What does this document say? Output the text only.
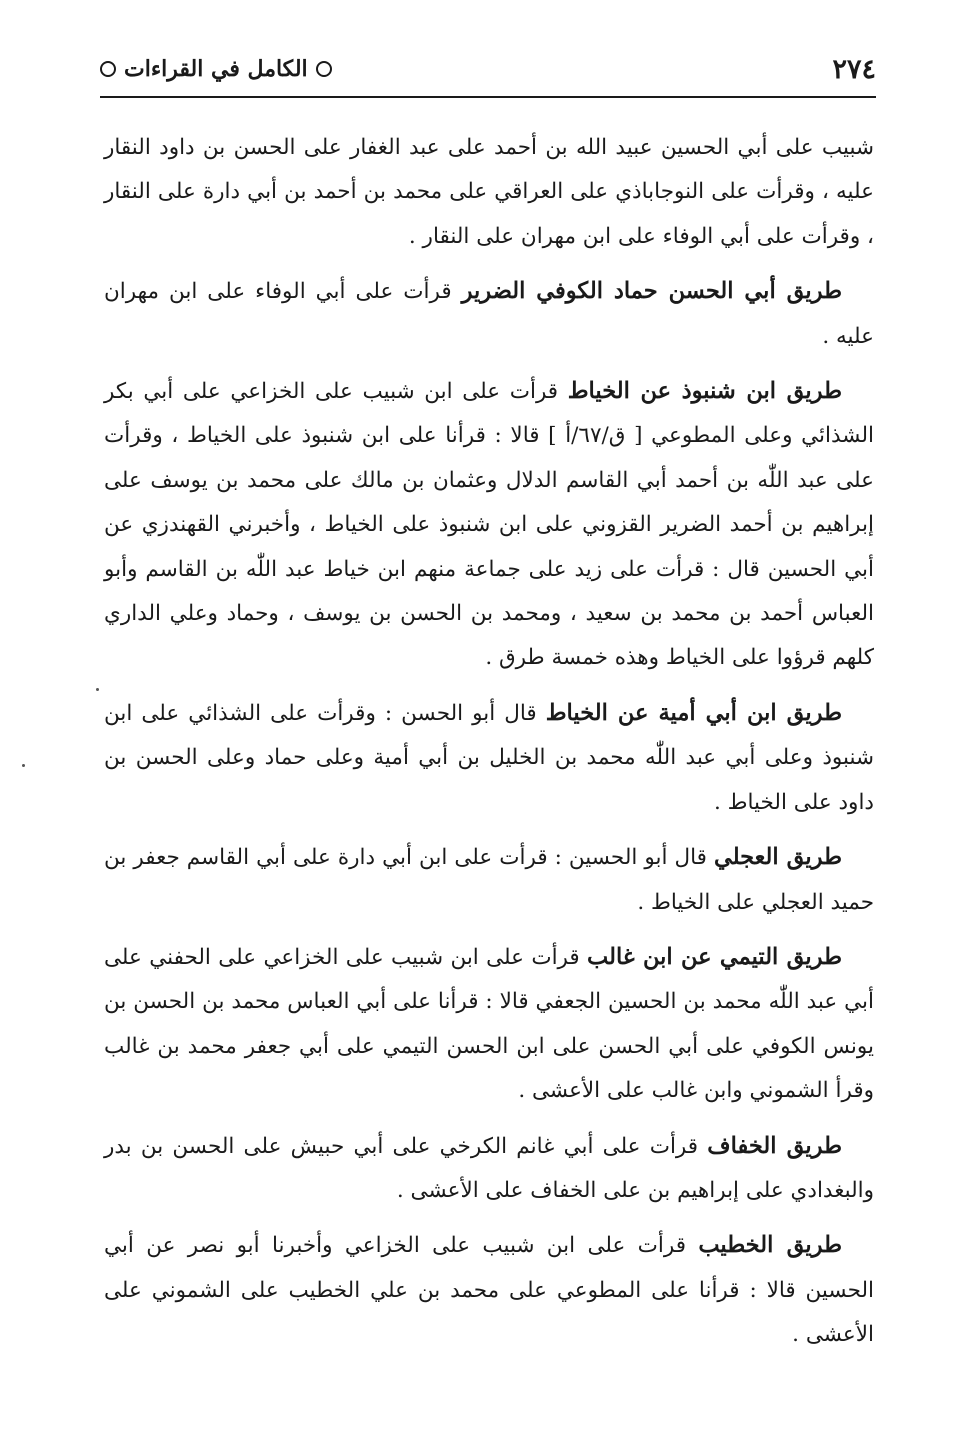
٢٧٤
الكامل في القراءات

شبيب على أبي الحسين عبيد الله بن أحمد على عبد الغفار على الحسن بن داود النقار عليه ، وقرأت على النوجاباذي على العراقي على محمد بن أحمد بن أبي دارة على النقار ، وقرأت على أبي الوفاء على ابن مهران على النقار .

طريق أبي الحسن حماد الكوفي الضرير قرأت على أبي الوفاء على ابن مهران عليه .

طريق ابن شنبوذ عن الخياط قرأت على ابن شبيب على الخزاعي على أبي بكر الشذائي وعلى المطوعي [ ق/٦٧/أ ] قالا : قرأنا على ابن شنبوذ على الخياط ، وقرأت على عبد اللّٰه بن أحمد أبي القاسم الدلال وعثمان بن مالك على محمد بن يوسف على إبراهيم بن أحمد الضرير القزوني على ابن شنبوذ على الخياط ، وأخبرني القهندزي عن أبي الحسين قال : قرأت على زيد على جماعة منهم ابن خياط عبد اللّٰه بن القاسم وأبو العباس أحمد بن محمد بن سعيد ، ومحمد بن الحسن بن يوسف ، وحماد وعلي الداري كلهم قرؤوا على الخياط وهذه خمسة طرق .

طريق ابن أبي أمية عن الخياط قال أبو الحسن : وقرأت على الشذائي على ابن شنبوذ وعلى أبي عبد اللّٰه محمد بن الخليل بن أبي أمية وعلى حماد وعلى الحسن بن داود على الخياط .

طريق العجلي قال أبو الحسين : قرأت على ابن أبي دارة على أبي القاسم جعفر بن حميد العجلي على الخياط .

طريق التيمي عن ابن غالب قرأت على ابن شبيب على الخزاعي على الحفني على أبي عبد اللّٰه محمد بن الحسين الجعفي قالا : قرأنا على أبي العباس محمد بن الحسن بن يونس الكوفي على أبي الحسن على ابن الحسن التيمي على أبي جعفر محمد بن غالب وقرأ الشموني وابن غالب على الأعشى .

طريق الخفاف قرأت على أبي غانم الكرخي على أبي حبيش على الحسن بن بدر والبغدادي على إبراهيم بن على الخفاف على الأعشى .

طريق الخطيب قرأت على ابن شبيب على الخزاعي وأخبرنا أبو نصر عن أبي الحسين قالا : قرأنا على المطوعي على محمد بن علي الخطيب على الشموني على الأعشى .
